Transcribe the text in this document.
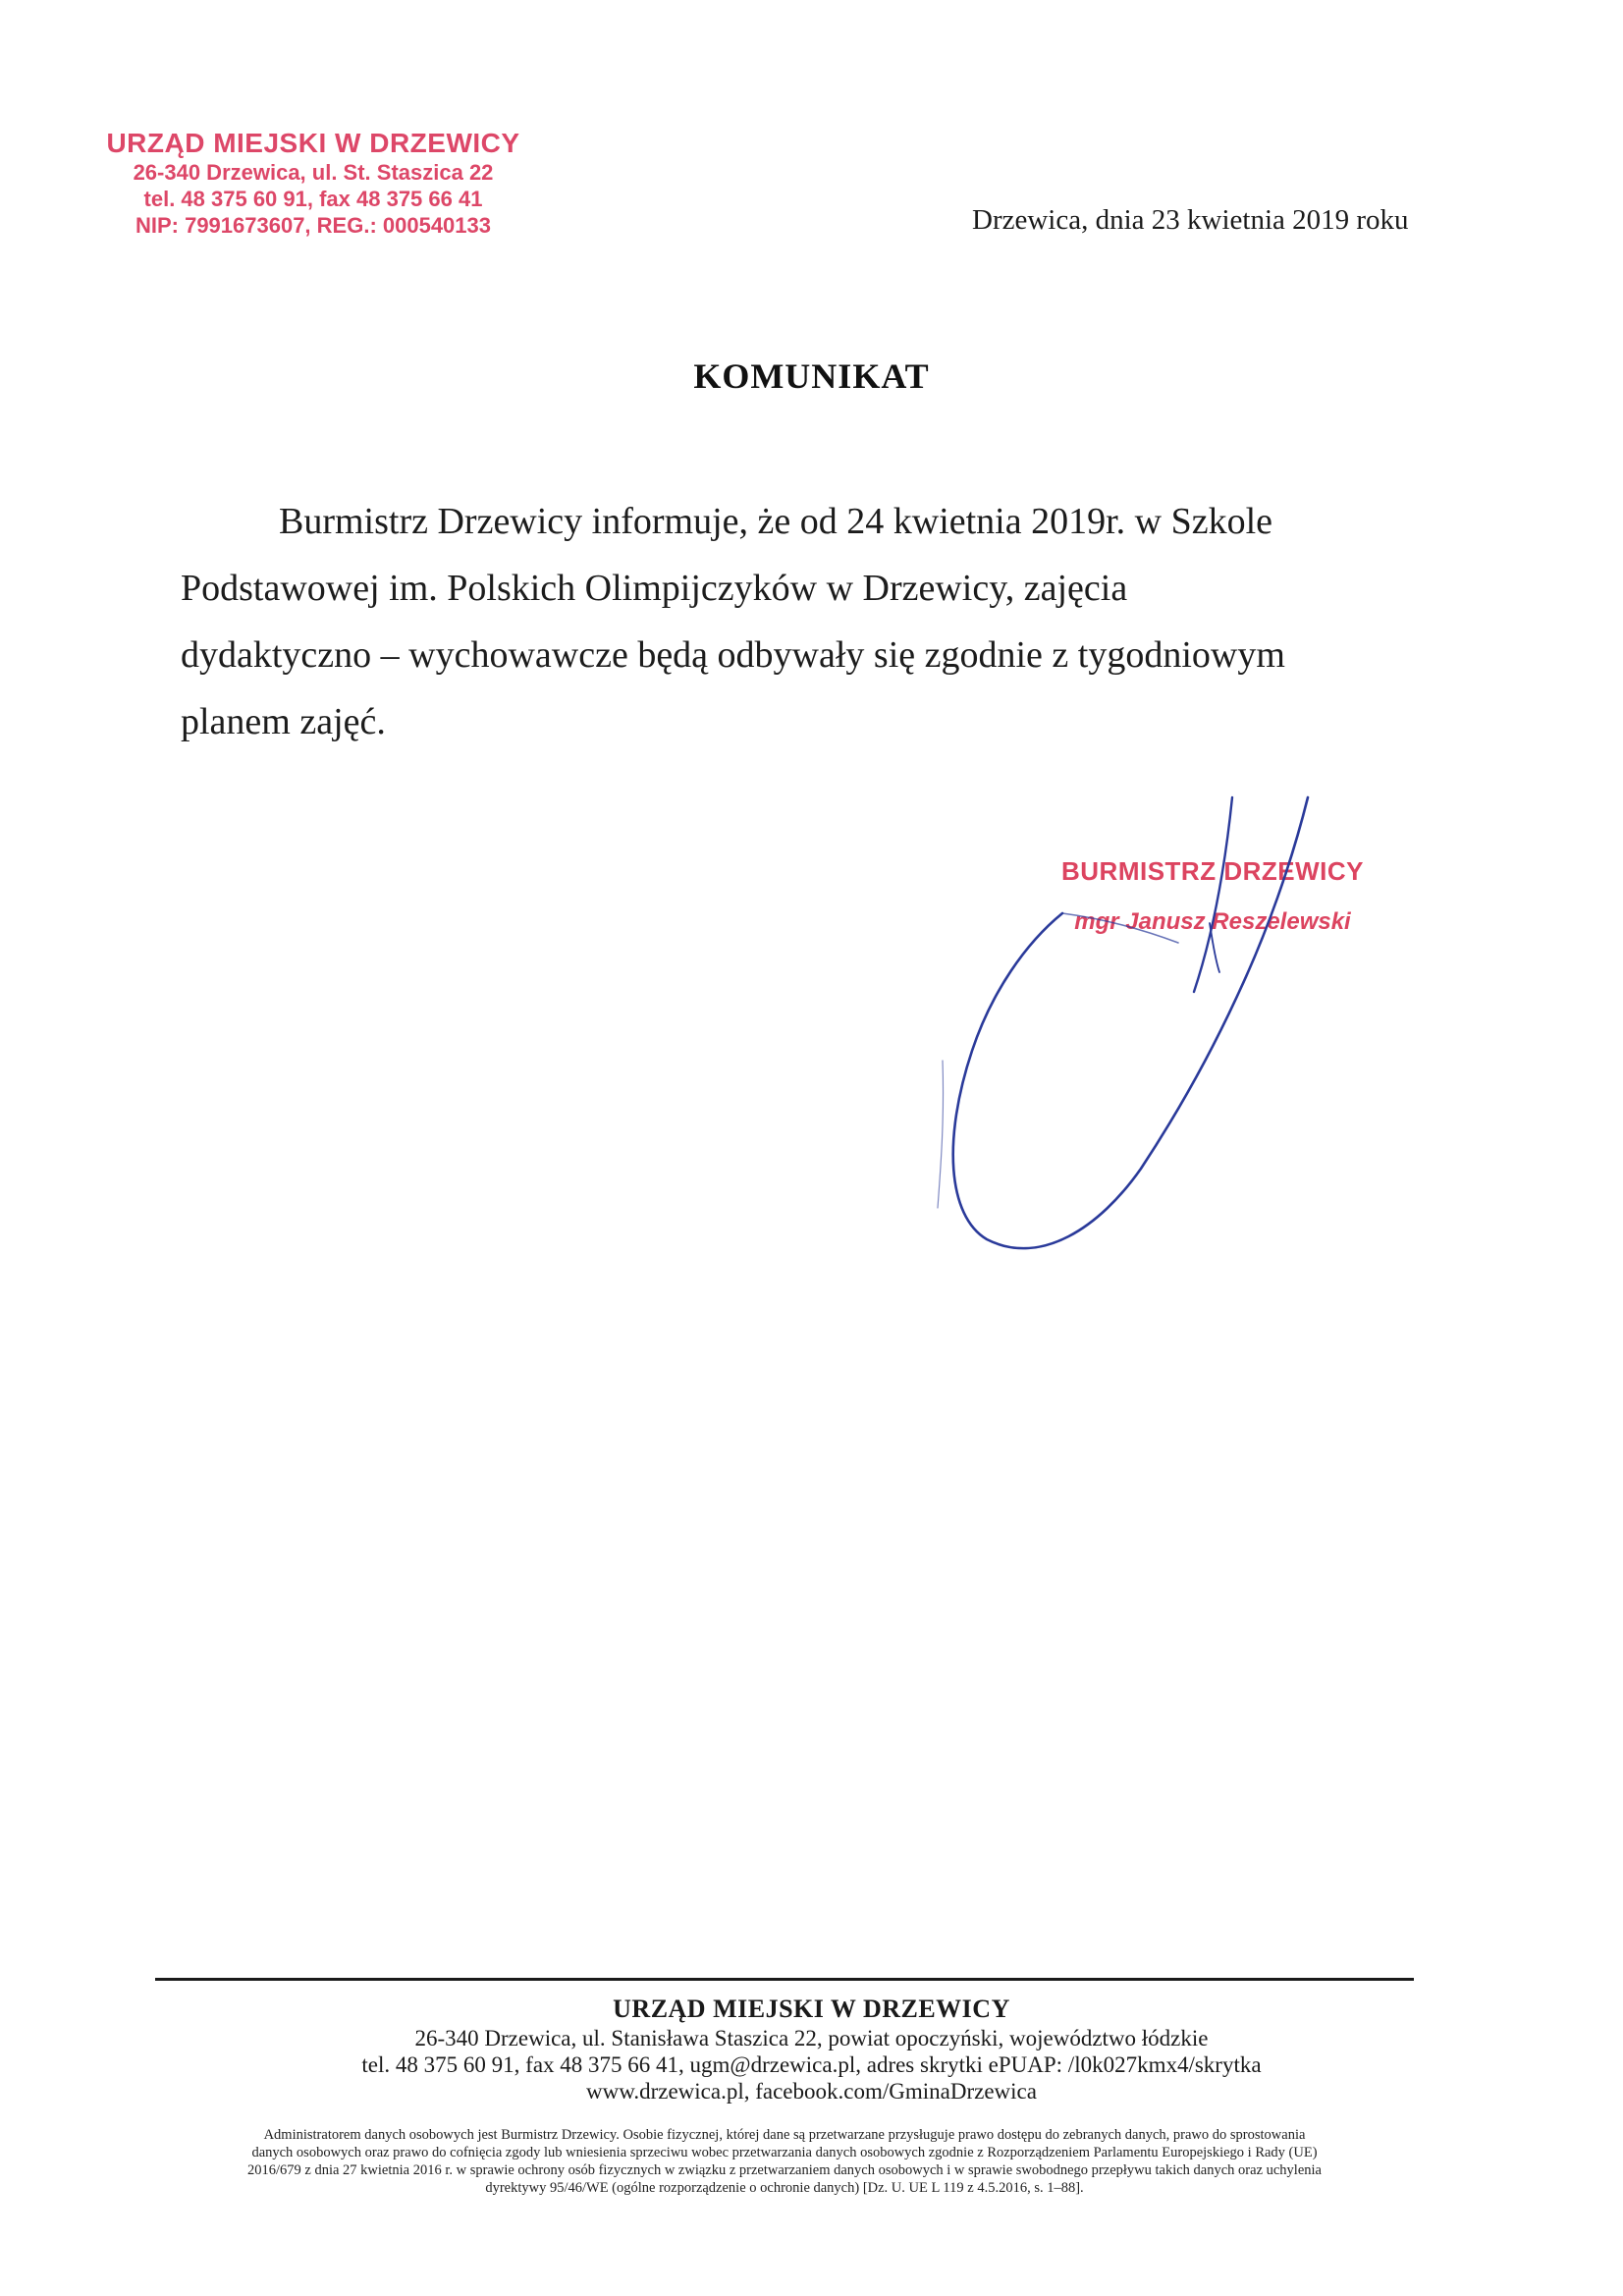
URZĄD MIEJSKI W DRZEWICY
26-340 Drzewica, ul. St. Staszica 22
tel. 48 375 60 91, fax 48 375 66 41
NIP: 7991673607, REG.: 000540133	Drzewica, dnia 23 kwietnia 2019 roku
KOMUNIKAT
Burmistrz Drzewicy informuje, że od 24 kwietnia 2019r. w Szkole
Podstawowej im. Polskich Olimpijczyków w Drzewicy, zajęcia
dydaktyczno – wychowawcze będą odbywały się zgodnie z tygodniowym
planem zajęć.
BURMISTRZ DRZEWICY
mgr Janusz Reszelewski
URZĄD MIEJSKI W DRZEWICY
26-340 Drzewica, ul. Stanisława Staszica 22, powiat opoczyński, województwo łódzkie
tel. 48 375 60 91, fax 48 375 66 41, ugm@drzewica.pl, adres skrytki ePUAP: /l0k027kmx4/skrytka
www.drzewica.pl, facebook.com/GminaDrzewica
Administratorem danych osobowych jest Burmistrz Drzewicy. Osobie fizycznej, której dane są przetwarzane przysługuje prawo dostępu do zebranych danych, prawo do sprostowania
danych osobowych oraz prawo do cofnięcia zgody lub wniesienia sprzeciwu wobec przetwarzania danych osobowych zgodnie z Rozporządzeniem Parlamentu Europejskiego i Rady (UE)
2016/679 z dnia 27 kwietnia 2016 r. w sprawie ochrony osób fizycznych w związku z przetwarzaniem danych osobowych i w sprawie swobodnego przepływu takich danych oraz uchylenia
dyrektywy 95/46/WE (ogólne rozporządzenie o ochronie danych) [Dz. U. UE L 119 z 4.5.2016, s. 1–88].
